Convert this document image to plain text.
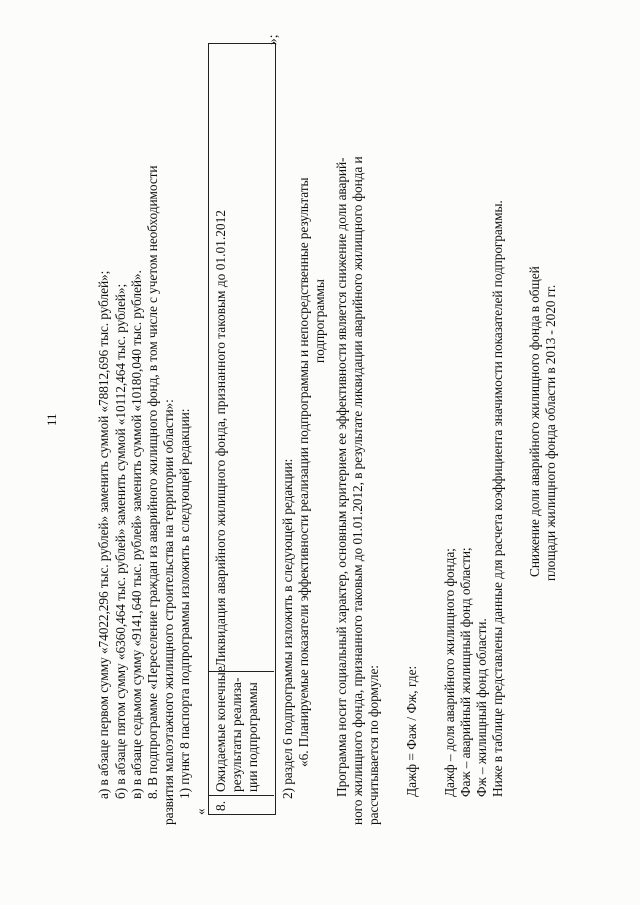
11	а) в абзаце первом сумму «74022,296 тыс. рублей» заменить суммой «78812,696 тыс. рублей»; б) в абзаце пятом сумму «6360,464 тыс. рублей» заменить суммой «10112,464 тыс. рублей»; в) в абзаце седьмом сумму «9141,640 тыс. рублей» заменить суммой «10180,040 тыс. рублей». 8. В подпрограмме «Переселение граждан из аварийного жилищного фонд, в том числе с учетом необходимости развития малоэтажного жилищного строительства на территории области»: 1) пункт 8 паспорта подпрограммы изложить в следующей редакции:
«
8.
Ожидаемые конечные результаты реализа- ции подпрограммы
Ликвидация аварийного жилищного фонда, признанного таковым до 01.01.2012
»;
2) раздел 6 подпрограммы изложить в следующей редакции: «6. Планируемые показатели эффективности реализации подпрограммы и непосредственные результаты подпрограммы Программа носит социальный характер, основным критерием ее эффективности является снижение доли аварий- ного жилищного фонда, признанного таковым до 01.01.2012, в результате ликвидации аварийного жилищного фонда и рассчитывается по формуле: Дажф = Фаж / Фж, где: Дажф – доля аварийного жилищного фонда; Фаж – аварийный жилищный фонд области; Фж – жилищный фонд области. Ниже в таблице представлены данные для расчета коэффициента значимости показателей подпрограммы. Снижение доли аварийного жилищного фонда в общей площади жилищного фонда области в 2013 - 2020 гг.
